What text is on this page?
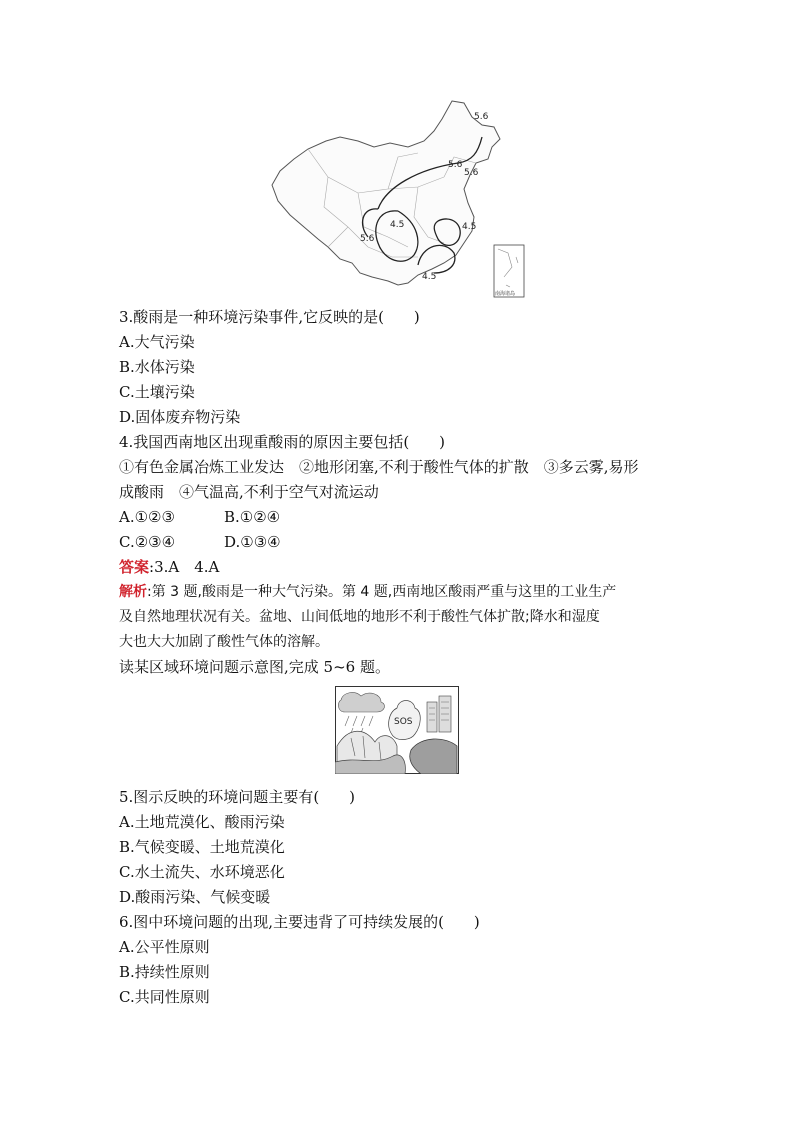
5.6
5.6
5.6
4.5
5.6
4.5
4.5
南海诸岛
3.酸雨是一种环境污染事件,它反映的是(　　)
A.大气污染
B.水体污染
C.土壤污染
D.固体废弃物污染
4.我国西南地区出现重酸雨的原因主要包括(　　)
①有色金属冶炼工业发达　②地形闭塞,不利于酸性气体的扩散　③多云雾,易形
成酸雨　④气温高,不利于空气对流运动
A.①②③	B.①②④
C.②③④	D.①③④
答案:3.A　4.A
解析:第 3 题,酸雨是一种大气污染。第 4 题,西南地区酸雨严重与这里的工业生产
及自然地理状况有关。盆地、山间低地的地形不利于酸性气体扩散;降水和湿度
大也大大加剧了酸性气体的溶解。
读某区域环境问题示意图,完成 5~6 题。
SOS
5.图示反映的环境问题主要有(　　)
A.土地荒漠化、酸雨污染
B.气候变暖、土地荒漠化
C.水土流失、水环境恶化
D.酸雨污染、气候变暖
6.图中环境问题的出现,主要违背了可持续发展的(　　)
A.公平性原则
B.持续性原则
C.共同性原则
